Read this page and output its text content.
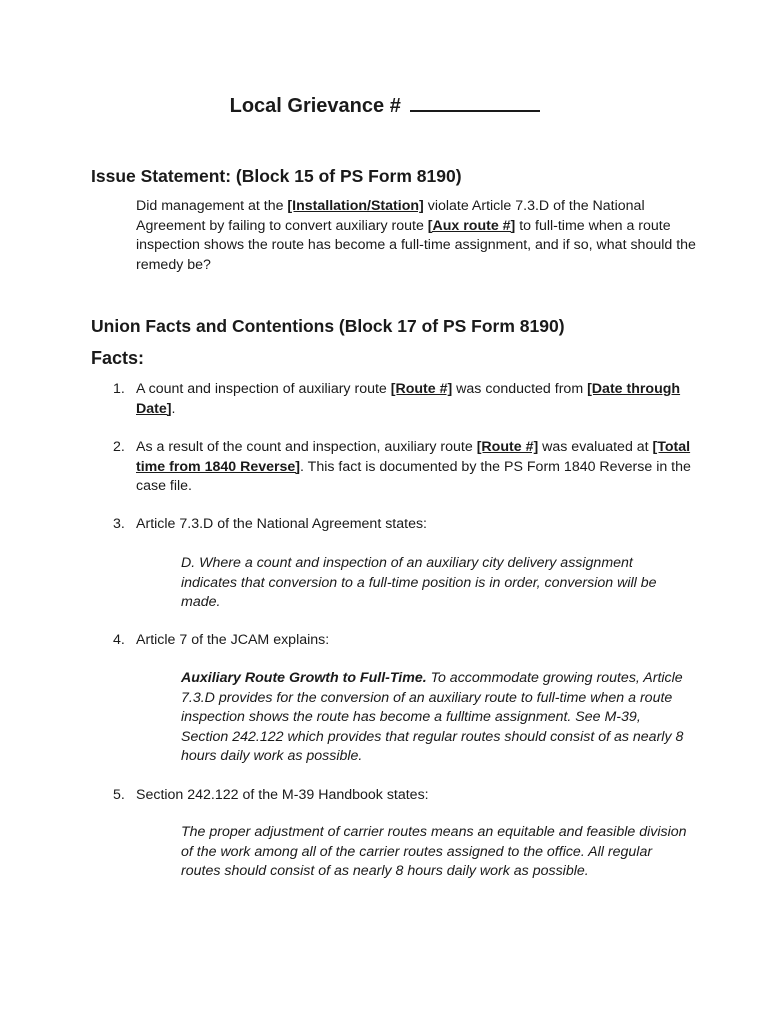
Local Grievance #
Issue Statement: (Block 15 of PS Form 8190)
Did management at the [Installation/Station] violate Article 7.3.D of the National Agreement by failing to convert auxiliary route [Aux route #] to full-time when a route inspection shows the route has become a full-time assignment, and if so, what should the remedy be?
Union Facts and Contentions (Block 17 of PS Form 8190)
Facts:
1. A count and inspection of auxiliary route [Route #] was conducted from [Date through Date].
2. As a result of the count and inspection, auxiliary route [Route #] was evaluated at [Total time from 1840 Reverse]. This fact is documented by the PS Form 1840 Reverse in the case file.
3. Article 7.3.D of the National Agreement states:
D. Where a count and inspection of an auxiliary city delivery assignment indicates that conversion to a full-time position is in order, conversion will be made.
4. Article 7 of the JCAM explains:
Auxiliary Route Growth to Full-Time. To accommodate growing routes, Article 7.3.D provides for the conversion of an auxiliary route to full-time when a route inspection shows the route has become a fulltime assignment. See M-39, Section 242.122 which provides that regular routes should consist of as nearly 8 hours daily work as possible.
5. Section 242.122 of the M-39 Handbook states:
The proper adjustment of carrier routes means an equitable and feasible division of the work among all of the carrier routes assigned to the office. All regular routes should consist of as nearly 8 hours daily work as possible.
